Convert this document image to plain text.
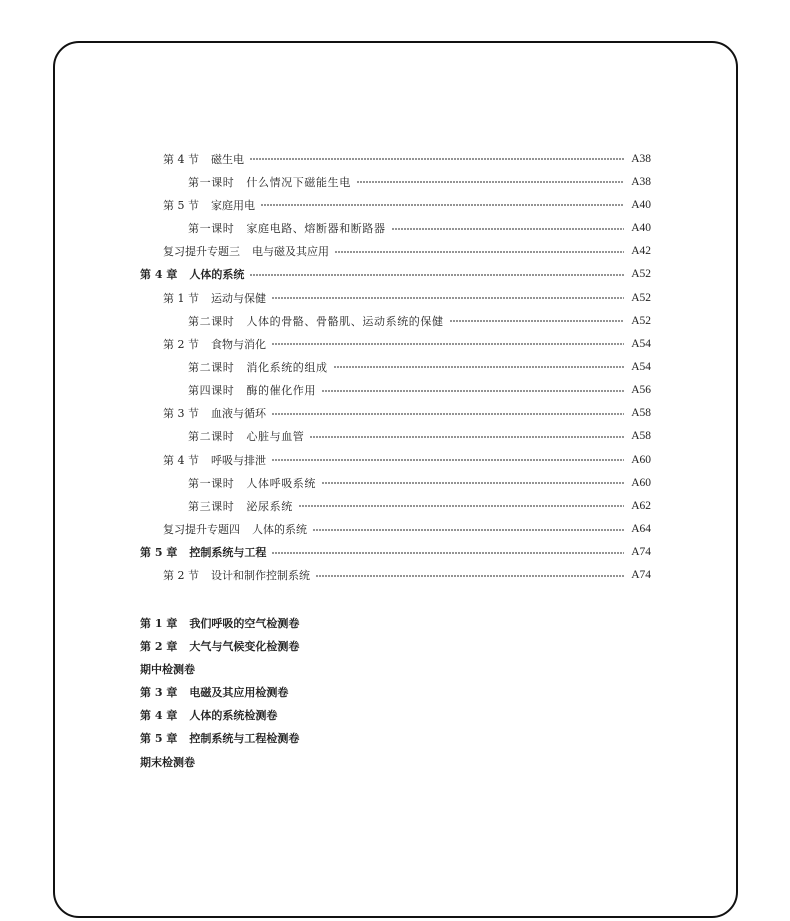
第 4 节 磁生电	A38
第一课时 什么情况下磁能生电	A38
第 5 节 家庭用电	A40
第一课时 家庭电路、熔断器和断路器	A40
复习提升专题三 电与磁及其应用	A42
第 4 章 人体的系统	A52
第 1 节 运动与保健	A52
第二课时 人体的骨骼、骨骼肌、运动系统的保健	A52
第 2 节 食物与消化	A54
第二课时 消化系统的组成	A54
第四课时 酶的催化作用	A56
第 3 节 血液与循环	A58
第二课时 心脏与血管	A58
第 4 节 呼吸与排泄	A60
第一课时 人体呼吸系统	A60
第三课时 泌尿系统	A62
复习提升专题四 人体的系统	A64
第 5 章 控制系统与工程	A74
第 2 节 设计和制作控制系统	A74
第 1 章 我们呼吸的空气检测卷
第 2 章 大气与气候变化检测卷
期中检测卷
第 3 章 电磁及其应用检测卷
第 4 章 人体的系统检测卷
第 5 章 控制系统与工程检测卷
期末检测卷
